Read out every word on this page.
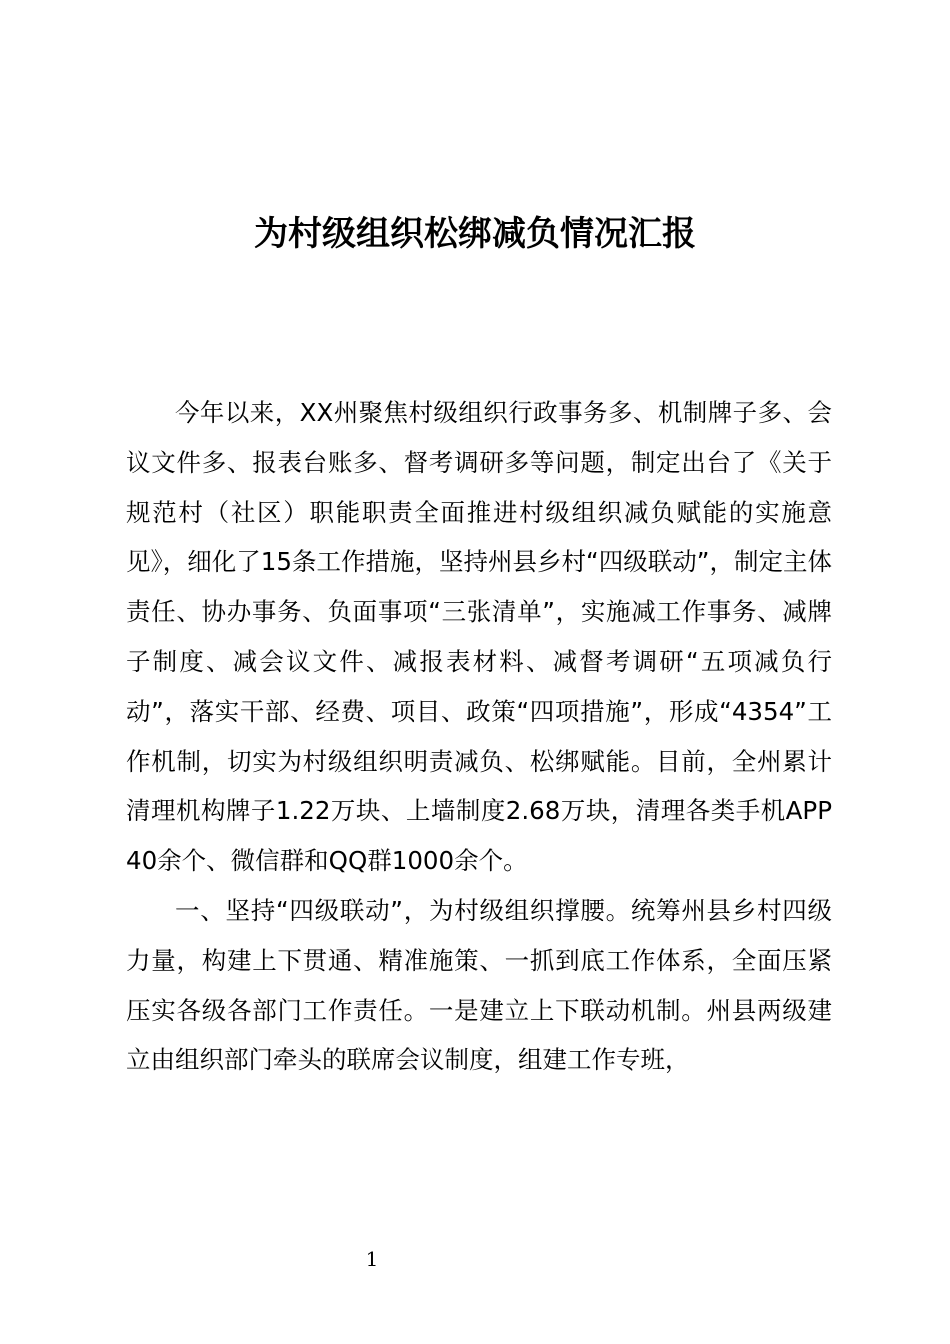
为村级组织松绑减负情况汇报

今年以来，XX州聚焦村级组织行政事务多、机制牌子多、会议文件多、报表台账多、督考调研多等问题，制定出台了《关于规范村（社区）职能职责全面推进村级组织减负赋能的实施意见》，细化了15条工作措施，坚持州县乡村“四级联动”，制定主体责任、协办事务、负面事项“三张清单”，实施减工作事务、减牌子制度、减会议文件、减报表材料、减督考调研“五项减负行动”，落实干部、经费、项目、政策“四项措施”，形成“4354”工作机制，切实为村级组织明责减负、松绑赋能。目前，全州累计清理机构牌子1.22万块、上墙制度2.68万块，清理各类手机APP 40余个、微信群和QQ群1000余个。

一、坚持“四级联动”，为村级组织撑腰。统筹州县乡村四级力量，构建上下贯通、精准施策、一抓到底工作体系，全面压紧压实各级各部门工作责任。一是建立上下联动机制。州县两级建立由组织部门牵头的联席会议制度，组建工作专班，

1
